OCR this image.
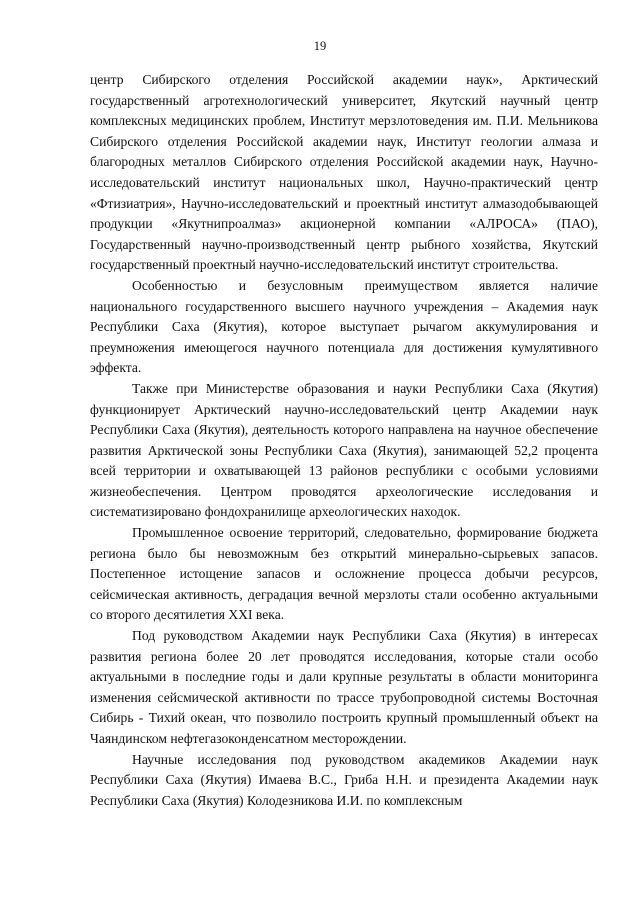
19

центр Сибирского отделения Российской академии наук», Арктический государственный агротехнологический университет, Якутский научный центр комплексных медицинских проблем, Институт мерзлотоведения им. П.И. Мельникова Сибирского отделения Российской академии наук, Институт геологии алмаза и благородных металлов Сибирского отделения Российской академии наук, Научно-исследовательский институт национальных школ, Научно-практический центр «Фтизиатрия», Научно-исследовательский и проектный институт алмазодобывающей продукции «Якутнипроалмаз» акционерной компании «АЛРОСА» (ПАО), Государственный научно-производственный центр рыбного хозяйства, Якутский государственный проектный научно-исследовательский институт строительства.

Особенностью и безусловным преимуществом является наличие национального государственного высшего научного учреждения – Академия наук Республики Саха (Якутия), которое выступает рычагом аккумулирования и преумножения имеющегося научного потенциала для достижения кумулятивного эффекта.

Также при Министерстве образования и науки Республики Саха (Якутия) функционирует Арктический научно-исследовательский центр Академии наук Республики Саха (Якутия), деятельность которого направлена на научное обеспечение развития Арктической зоны Республики Саха (Якутия), занимающей 52,2 процента всей территории и охватывающей 13 районов республики с особыми условиями жизнеобеспечения. Центром проводятся археологические исследования и систематизировано фондохранилище археологических находок.

Промышленное освоение территорий, следовательно, формирование бюджета региона было бы невозможным без открытий минерально-сырьевых запасов. Постепенное истощение запасов и осложнение процесса добычи ресурсов, сейсмическая активность, деградация вечной мерзлоты стали особенно актуальными со второго десятилетия XXI века.

Под руководством Академии наук Республики Саха (Якутия) в интересах развития региона более 20 лет проводятся исследования, которые стали особо актуальными в последние годы и дали крупные результаты в области мониторинга изменения сейсмической активности по трассе трубопроводной системы Восточная Сибирь - Тихий океан, что позволило построить крупный промышленный объект на Чаяндинском нефтегазоконденсатном месторождении.

Научные исследования под руководством академиков Академии наук Республики Саха (Якутия) Имаева В.С., Гриба Н.Н. и президента Академии наук Республики Саха (Якутия) Колодезникова И.И. по комплексным
